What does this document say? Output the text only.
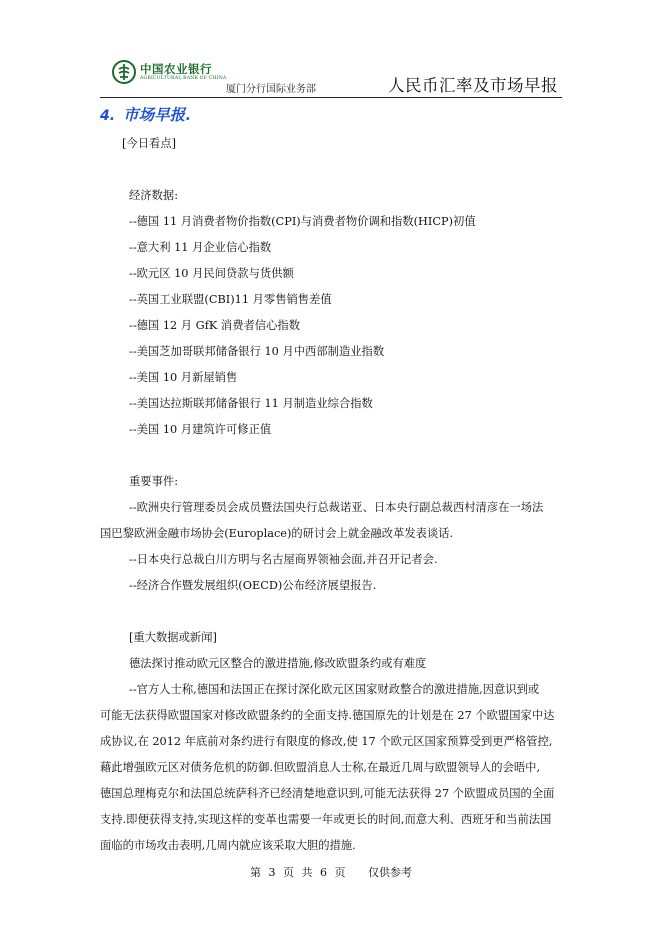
中国农业银行
AGRICULTURAL BANK OF CHINA
厦门分行国际业务部	人民币汇率及市场早报
4. 市场早报.

[今日看点]

经济数据:

--德国 11 月消费者物价指数(CPI)与消费者物价调和指数(HICP)初值

--意大利 11 月企业信心指数

--欧元区 10 月民间贷款与货供额

--英国工业联盟(CBI)11 月零售销售差值

--德国 12 月 GfK 消费者信心指数

--美国芝加哥联邦储备银行 10 月中西部制造业指数

--美国 10 月新屋销售

--美国达拉斯联邦储备银行 11 月制造业综合指数

--美国 10 月建筑许可修正值

重要事件:

--欧洲央行管理委员会成员暨法国央行总裁诺亚、日本央行副总裁西村清彦在一场法

国巴黎欧洲金融市场协会(Europlace)的研讨会上就金融改革发表谈话.

--日本央行总裁白川方明与名古屋商界领袖会面,并召开记者会.

--经济合作暨发展组织(OECD)公布经济展望报告.

[重大数据或新闻]

德法探讨推动欧元区整合的激进措施,修改欧盟条约或有难度

--官方人士称,德国和法国正在探讨深化欧元区国家财政整合的激进措施,因意识到或

可能无法获得欧盟国家对修改欧盟条约的全面支持.德国原先的计划是在 27 个欧盟国家中达

成协议,在 2012 年底前对条约进行有限度的修改,使 17 个欧元区国家预算受到更严格管控,

藉此增强欧元区对债务危机的防御.但欧盟消息人士称,在最近几周与欧盟领导人的会晤中,

德国总理梅克尔和法国总统萨科齐已经清楚地意识到,可能无法获得 27 个欧盟成员国的全面

支持.即便获得支持,实现这样的变革也需要一年或更长的时间,而意大利、西班牙和当前法国

面临的市场攻击表明,几周内就应该采取大胆的措施.

第 3 页 共 6 页 仅供参考
